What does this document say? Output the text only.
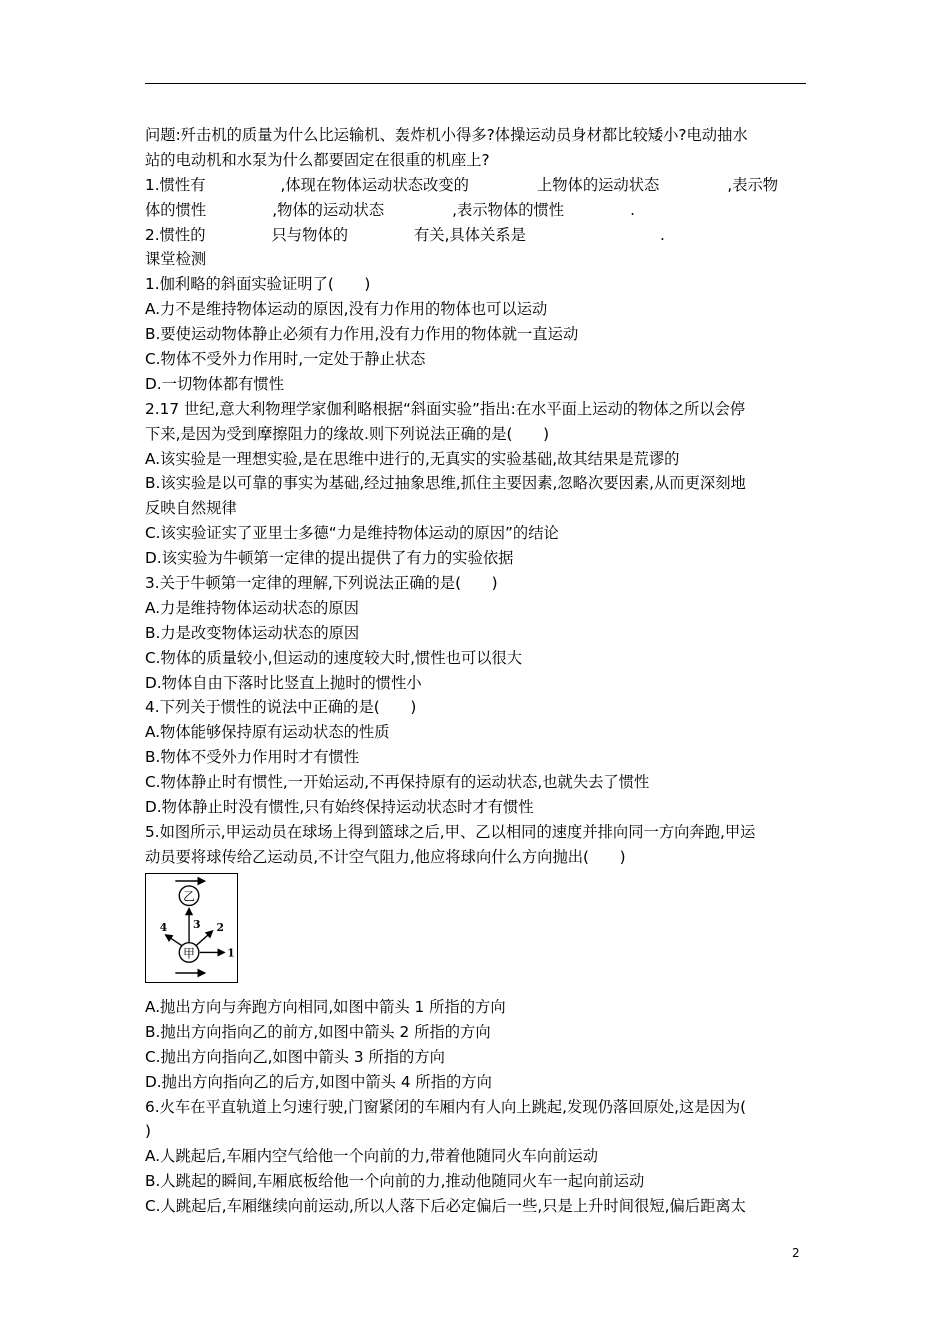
问题:歼击机的质量为什么比运输机、轰炸机小得多?体操运动员身材都比较矮小?电动抽水
站的电动机和水泵为什么都要固定在很重的机座上?
1.惯性有	,体现在物体运动状态改变的	上物体的运动状态	,表示物
体的惯性	,物体的运动状态	,表示物体的惯性	.
2.惯性的	只与物体的	有关,具体关系是	.
课堂检测
1.伽利略的斜面实验证明了(　　)
A.力不是维持物体运动的原因,没有力作用的物体也可以运动
B.要使运动物体静止必须有力作用,没有力作用的物体就一直运动
C.物体不受外力作用时,一定处于静止状态
D.一切物体都有惯性
2.17 世纪,意大利物理学家伽利略根据“斜面实验”指出:在水平面上运动的物体之所以会停
下来,是因为受到摩擦阻力的缘故.则下列说法正确的是(　　)
A.该实验是一理想实验,是在思维中进行的,无真实的实验基础,故其结果是荒谬的
B.该实验是以可靠的事实为基础,经过抽象思维,抓住主要因素,忽略次要因素,从而更深刻地
反映自然规律
C.该实验证实了亚里士多德“力是维持物体运动的原因”的结论
D.该实验为牛顿第一定律的提出提供了有力的实验依据
3.关于牛顿第一定律的理解,下列说法正确的是(　　)
A.力是维持物体运动状态的原因
B.力是改变物体运动状态的原因
C.物体的质量较小,但运动的速度较大时,惯性也可以很大
D.物体自由下落时比竖直上抛时的惯性小
4.下列关于惯性的说法中正确的是(　　)
A.物体能够保持原有运动状态的性质
B.物体不受外力作用时才有惯性
C.物体静止时有惯性,一开始运动,不再保持原有的运动状态,也就失去了惯性
D.物体静止时没有惯性,只有始终保持运动状态时才有惯性
5.如图所示,甲运动员在球场上得到篮球之后,甲、乙以相同的速度并排向同一方向奔跑,甲运
动员要将球传给乙运动员,不计空气阻力,他应将球向什么方向抛出(　　)
乙
3 2
4
1
甲
A.抛出方向与奔跑方向相同,如图中箭头 1 所指的方向
B.抛出方向指向乙的前方,如图中箭头 2 所指的方向
C.抛出方向指向乙,如图中箭头 3 所指的方向
D.抛出方向指向乙的后方,如图中箭头 4 所指的方向
6.火车在平直轨道上匀速行驶,门窗紧闭的车厢内有人向上跳起,发现仍落回原处,这是因为(
)
A.人跳起后,车厢内空气给他一个向前的力,带着他随同火车向前运动
B.人跳起的瞬间,车厢底板给他一个向前的力,推动他随同火车一起向前运动
C.人跳起后,车厢继续向前运动,所以人落下后必定偏后一些,只是上升时间很短,偏后距离太
2
